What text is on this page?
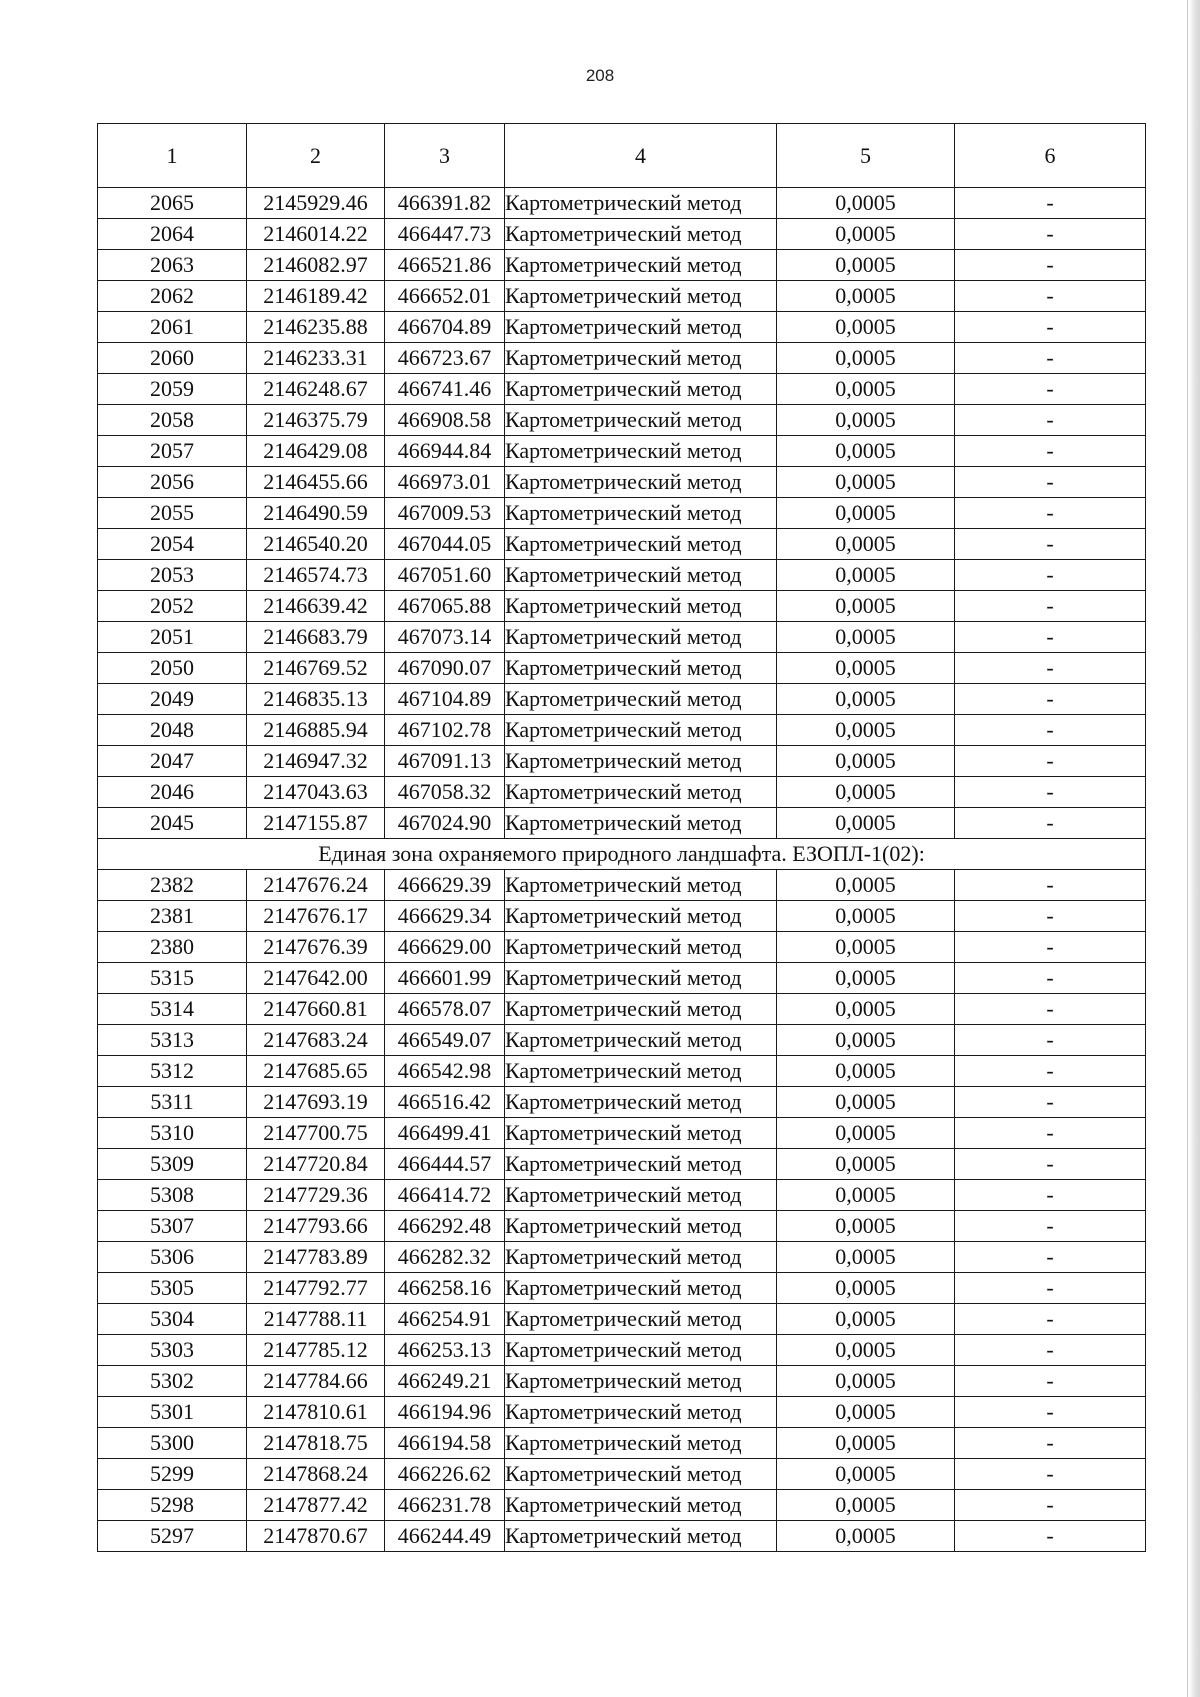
208
1	2	3	4	5	6
2065	2145929.46	466391.82	Картометрический метод	0,0005	-
2064	2146014.22	466447.73	Картометрический метод	0,0005	-
2063	2146082.97	466521.86	Картометрический метод	0,0005	-
2062	2146189.42	466652.01	Картометрический метод	0,0005	-
2061	2146235.88	466704.89	Картометрический метод	0,0005	-
2060	2146233.31	466723.67	Картометрический метод	0,0005	-
2059	2146248.67	466741.46	Картометрический метод	0,0005	-
2058	2146375.79	466908.58	Картометрический метод	0,0005	-
2057	2146429.08	466944.84	Картометрический метод	0,0005	-
2056	2146455.66	466973.01	Картометрический метод	0,0005	-
2055	2146490.59	467009.53	Картометрический метод	0,0005	-
2054	2146540.20	467044.05	Картометрический метод	0,0005	-
2053	2146574.73	467051.60	Картометрический метод	0,0005	-
2052	2146639.42	467065.88	Картометрический метод	0,0005	-
2051	2146683.79	467073.14	Картометрический метод	0,0005	-
2050	2146769.52	467090.07	Картометрический метод	0,0005	-
2049	2146835.13	467104.89	Картометрический метод	0,0005	-
2048	2146885.94	467102.78	Картометрический метод	0,0005	-
2047	2146947.32	467091.13	Картометрический метод	0,0005	-
2046	2147043.63	467058.32	Картометрический метод	0,0005	-
2045	2147155.87	467024.90	Картометрический метод	0,0005	-
Единая зона охраняемого природного ландшафта. ЕЗОПЛ-1(02):					
2382	2147676.24	466629.39	Картометрический метод	0,0005	-
2381	2147676.17	466629.34	Картометрический метод	0,0005	-
2380	2147676.39	466629.00	Картометрический метод	0,0005	-
5315	2147642.00	466601.99	Картометрический метод	0,0005	-
5314	2147660.81	466578.07	Картометрический метод	0,0005	-
5313	2147683.24	466549.07	Картометрический метод	0,0005	-
5312	2147685.65	466542.98	Картометрический метод	0,0005	-
5311	2147693.19	466516.42	Картометрический метод	0,0005	-
5310	2147700.75	466499.41	Картометрический метод	0,0005	-
5309	2147720.84	466444.57	Картометрический метод	0,0005	-
5308	2147729.36	466414.72	Картометрический метод	0,0005	-
5307	2147793.66	466292.48	Картометрический метод	0,0005	-
5306	2147783.89	466282.32	Картометрический метод	0,0005	-
5305	2147792.77	466258.16	Картометрический метод	0,0005	-
5304	2147788.11	466254.91	Картометрический метод	0,0005	-
5303	2147785.12	466253.13	Картометрический метод	0,0005	-
5302	2147784.66	466249.21	Картометрический метод	0,0005	-
5301	2147810.61	466194.96	Картометрический метод	0,0005	-
5300	2147818.75	466194.58	Картометрический метод	0,0005	-
5299	2147868.24	466226.62	Картометрический метод	0,0005	-
5298	2147877.42	466231.78	Картометрический метод	0,0005	-
5297	2147870.67	466244.49	Картометрический метод	0,0005	-
